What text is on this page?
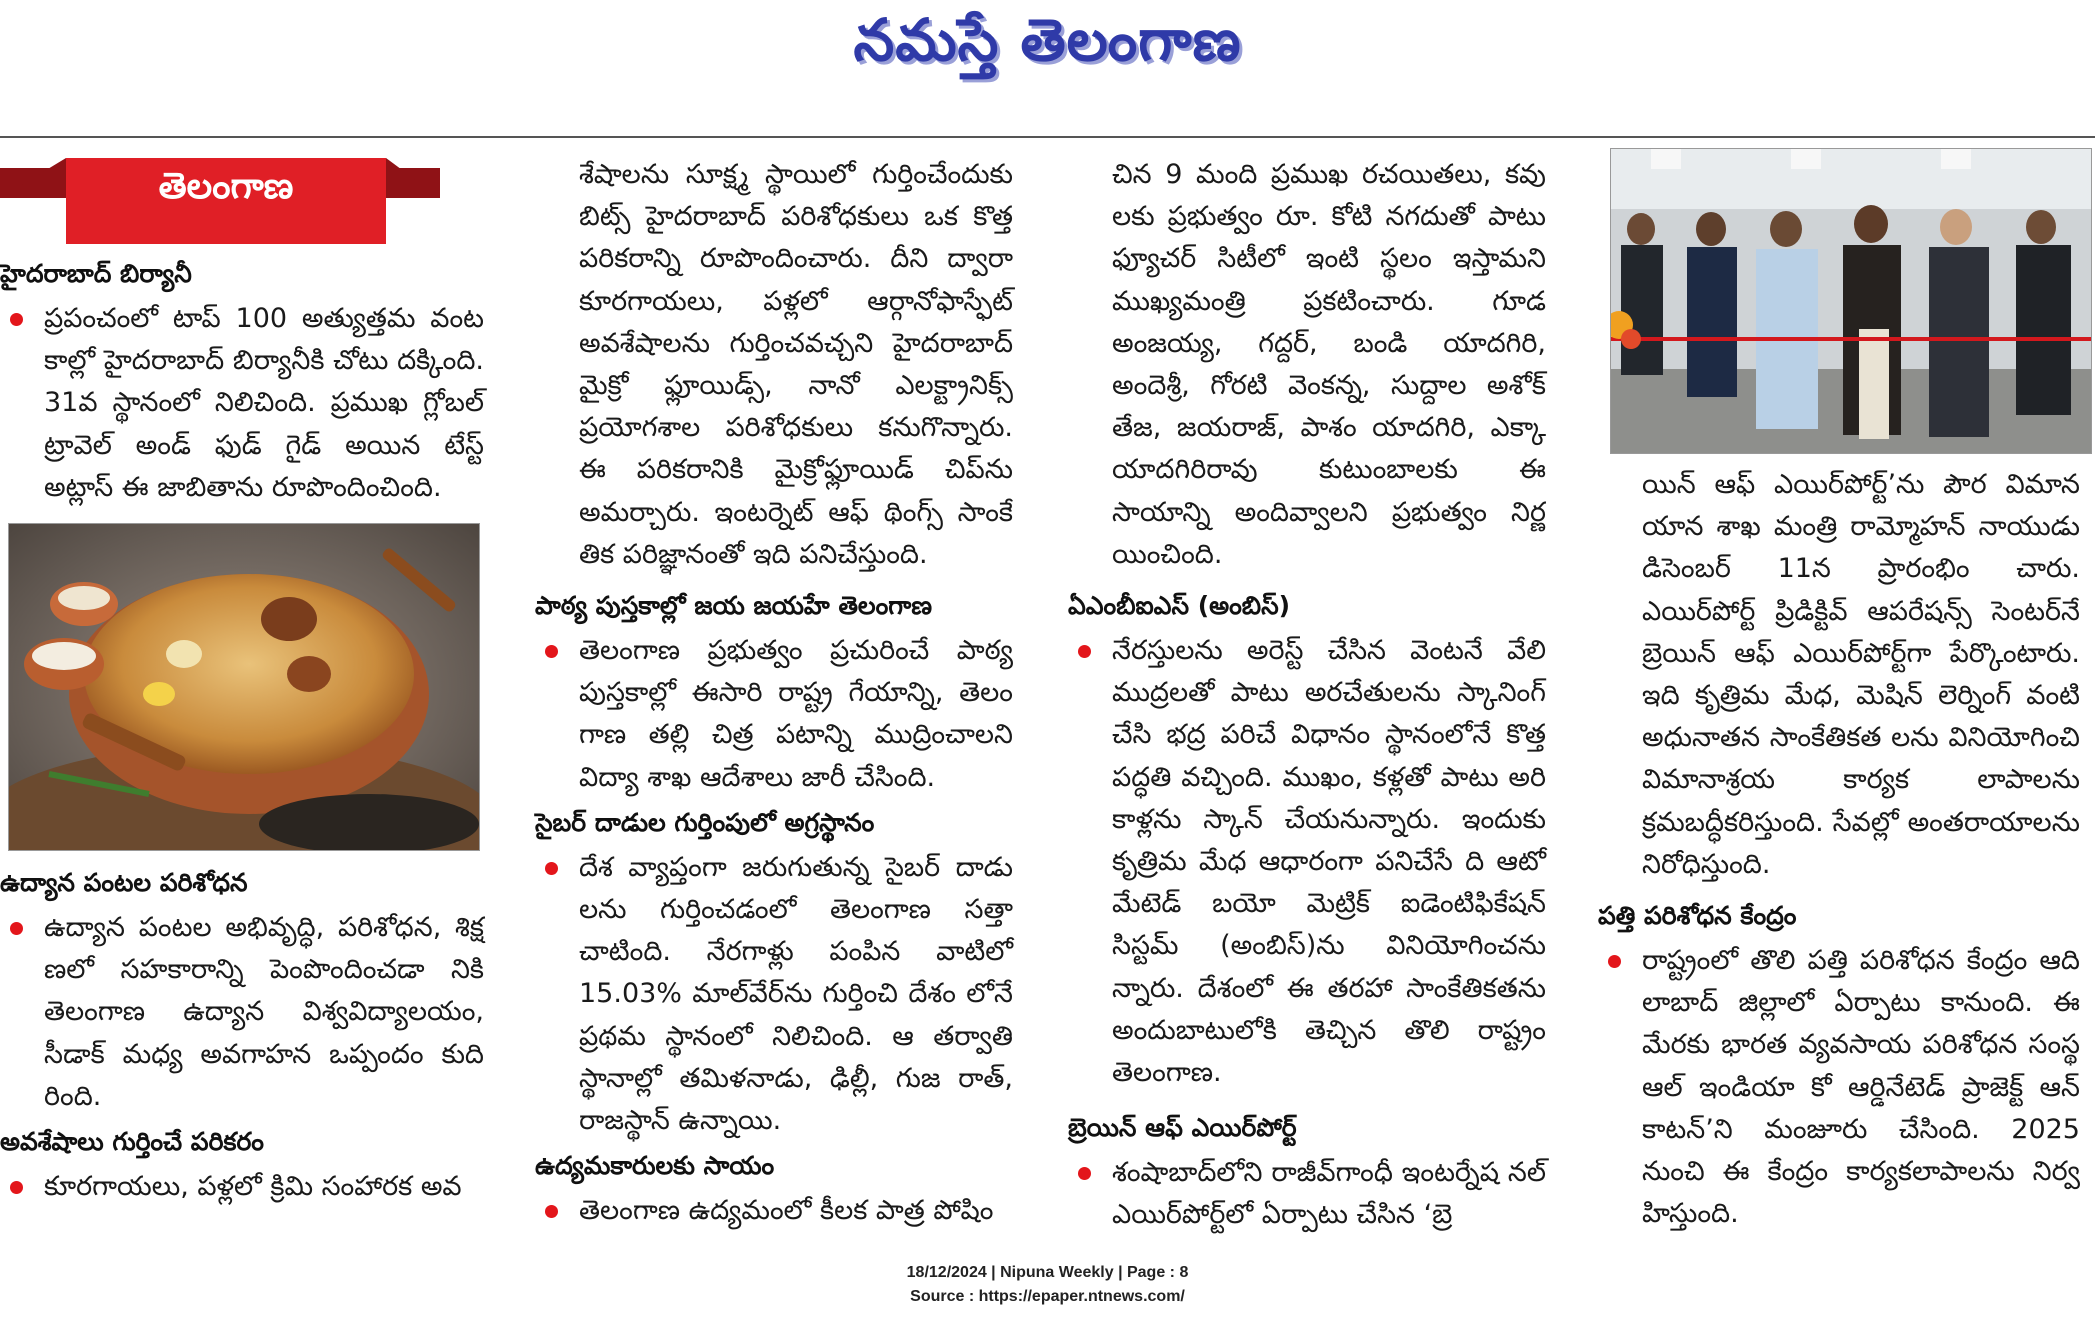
నమస్తే తెలంగాణ
తెలంగాణ
హైదరాబాద్ బిర్యానీ

ప్రపంచంలో టాప్ 100 అత్యుత్తమ వంట కాల్లో హైదరాబాద్ బిర్యానీకి చోటు దక్కింది. 31వ స్థానంలో నిలిచింది. ప్రముఖ గ్లోబల్ ట్రావెల్ అండ్ ఫుడ్ గైడ్ అయిన టేస్ట్ అట్లాస్ ఈ జాబితాను రూపొందించింది.

ఉద్యాన పంటల పరిశోధన

ఉద్యాన పంటల అభివృద్ధి, పరిశోధన, శిక్ష ణలో సహకారాన్ని పెంపొందించడా నికి తెలంగాణ ఉద్యాన విశ్వవిద్యాలయం, సీడాక్ మధ్య అవగాహన ఒప్పందం కుది రింది.

అవశేషాలు గుర్తించే పరికరం

కూరగాయలు, పళ్లలో క్రిమి సంహారక అవ

శేషాలను సూక్ష్మ స్థాయిలో గుర్తించేందుకు బిట్స్ హైదరాబాద్ పరిశోధకులు ఒక కొత్త పరికరాన్ని రూపొందించారు. దీని ద్వారా కూరగాయలు, పళ్లలో ఆర్గానోఫాస్ఫేట్ అవశేషాలను గుర్తించవచ్చని హైదరాబాద్ మైక్రో ఫ్లూయిడ్స్, నానో ఎలక్ట్రానిక్స్ ప్రయోగశాల పరిశోధకులు కనుగొన్నారు. ఈ పరికరానికి మైక్రోఫ్లూయిడ్ చిప్‌ను అమర్చారు. ఇంటర్నెట్ ఆఫ్ థింగ్స్ సాంకే తిక పరిజ్ఞానంతో ఇది పనిచేస్తుంది.

పాఠ్య పుస్తకాల్లో జయ జయహే తెలంగాణ

తెలంగాణ ప్రభుత్వం ప్రచురించే పాఠ్య పుస్తకాల్లో ఈసారి రాష్ట్ర గేయాన్ని, తెలం గాణ తల్లి చిత్ర పటాన్ని ముద్రించాలని విద్యా శాఖ ఆదేశాలు జారీ చేసింది.

సైబర్ దాడుల గుర్తింపులో అగ్రస్థానం

దేశ వ్యాప్తంగా జరుగుతున్న సైబర్ దాడు లను గుర్తించడంలో తెలంగాణ సత్తా చాటింది. నేరగాళ్లు పంపిన వాటిలో 15.03% మాల్‌వేర్‌ను గుర్తించి దేశం లోనే ప్రథమ స్థానంలో నిలిచింది. ఆ తర్వాతి స్థానాల్లో తమిళనాడు, ఢిల్లీ, గుజ రాత్, రాజస్థాన్ ఉన్నాయి.

ఉద్యమకారులకు సాయం

తెలంగాణ ఉద్యమంలో కీలక పాత్ర పోషిం

చిన 9 మంది ప్రముఖ రచయితలు, కవు లకు ప్రభుత్వం రూ. కోటి నగదుతో పాటు ఫ్యూచర్ సిటీలో ఇంటి స్థలం ఇస్తామని ముఖ్యమంత్రి ప్రకటించారు. గూడ అంజయ్య, గద్దర్, బండి యాదగిరి, అందెశ్రీ, గోరటి వెంకన్న, సుద్దాల అశోక్ తేజ, జయరాజ్, పాశం యాదగిరి, ఎక్కా యాదగిరిరావు కుటుంబాలకు ఈ సాయాన్ని అందివ్వాలని ప్రభుత్వం నిర్ణ యించింది.

ఏఎంబీఐఎస్ (అంబిస్)

నేరస్తులను అరెస్ట్ చేసిన వెంటనే వేలి ముద్రలతో పాటు అరచేతులను స్కానింగ్ చేసి భద్ర పరిచే విధానం స్థానంలోనే కొత్త పద్ధతి వచ్చింది. ముఖం, కళ్లతో పాటు అరి కాళ్లను స్కాన్ చేయనున్నారు. ఇందుకు కృత్రిమ మేధ ఆధారంగా పనిచేసే ది ఆటో మేటెడ్ బయో మెట్రిక్ ఐడెంటిఫికేషన్ సిస్టమ్ (అంబిస్)ను వినియోగించను న్నారు. దేశంలో ఈ తరహా సాంకేతికతను అందుబాటులోకి తెచ్చిన తొలి రాష్ట్రం తెలంగాణ.

బ్రెయిన్ ఆఫ్ ఎయిర్‌పోర్ట్

శంషాబాద్‌లోని రాజీవ్‌గాంధీ ఇంటర్నేష నల్ ఎయిర్‌పోర్ట్‌లో ఏర్పాటు చేసిన ‘బ్రె

యిన్ ఆఫ్ ఎయిర్‌పోర్ట్’ను పౌర విమాన యాన శాఖ మంత్రి రామ్మోహన్ నాయుడు డిసెంబర్ 11న ప్రారంభిం చారు. ఎయిర్‌పోర్ట్ ప్రిడిక్టివ్ ఆపరేషన్స్ సెంటర్‌నే బ్రెయిన్ ఆఫ్ ఎయిర్‌పోర్ట్‌గా పేర్కొంటారు. ఇది కృత్రిమ మేధ, మెషిన్ లెర్నింగ్ వంటి అధునాతన సాంకేతికత లను వినియోగించి విమానాశ్రయ కార్యక లాపాలను క్రమబద్ధీకరిస్తుంది. సేవల్లో అంతరాయాలను నిరోధిస్తుంది.

పత్తి పరిశోధన కేంద్రం

రాష్ట్రంలో తొలి పత్తి పరిశోధన కేంద్రం ఆది లాబాద్ జిల్లాలో ఏర్పాటు కానుంది. ఈ మేరకు భారత వ్యవసాయ పరిశోధన సంస్థ ఆల్ ఇండియా కో ఆర్డినేటెడ్ ప్రాజెక్ట్ ఆన్ కాటన్’ని మంజూరు చేసింది. 2025 నుంచి ఈ కేంద్రం కార్యకలాపాలను నిర్వ హిస్తుంది.

18/12/2024 | Nipuna Weekly | Page : 8
Source : https://epaper.ntnews.com/
